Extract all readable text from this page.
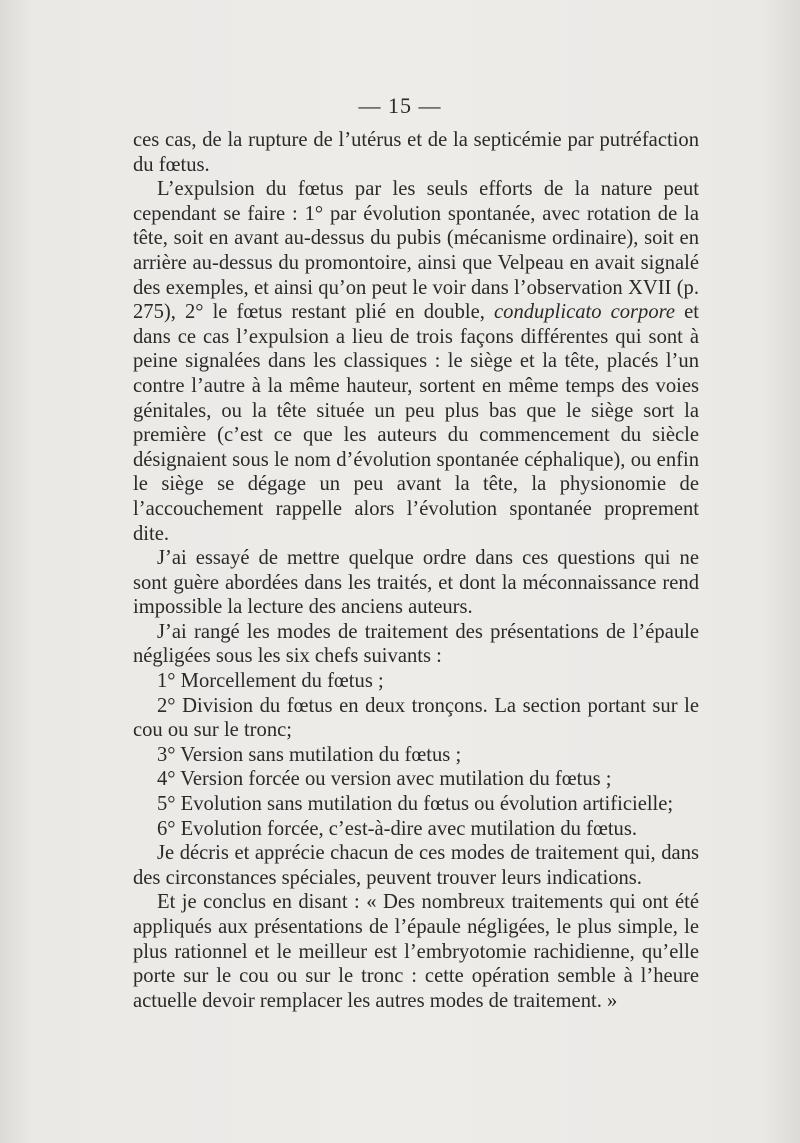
— 15 —

ces cas, de la rupture de l’utérus et de la septicémie par putréfaction du fœtus.

L’expulsion du fœtus par les seuls efforts de la nature peut cependant se faire : 1° par évolution spontanée, avec rotation de la tête, soit en avant au-dessus du pubis (mécanisme ordinaire), soit en arrière au-dessus du promontoire, ainsi que Velpeau en avait signalé des exemples, et ainsi qu’on peut le voir dans l’observation XVII (p. 275), 2° le fœtus restant plié en double, conduplicato corpore et dans ce cas l’expulsion a lieu de trois façons différentes qui sont à peine signalées dans les classiques : le siège et la tête, placés l’un contre l’autre à la même hauteur, sortent en même temps des voies génitales, ou la tête située un peu plus bas que le siège sort la première (c’est ce que les auteurs du commencement du siècle désignaient sous le nom d’évolution spontanée céphalique), ou enfin le siège se dégage un peu avant la tête, la physionomie de l’accouchement rappelle alors l’évolution spontanée proprement dite.

J’ai essayé de mettre quelque ordre dans ces questions qui ne sont guère abordées dans les traités, et dont la méconnaissance rend impossible la lecture des anciens auteurs.

J’ai rangé les modes de traitement des présentations de l’épaule négligées sous les six chefs suivants :

1° Morcellement du fœtus ;

2° Division du fœtus en deux tronçons. La section portant sur le cou ou sur le tronc;

3° Version sans mutilation du fœtus ;

4° Version forcée ou version avec mutilation du fœtus ;

5° Evolution sans mutilation du fœtus ou évolution artificielle;

6° Evolution forcée, c’est-à-dire avec mutilation du fœtus.

Je décris et apprécie chacun de ces modes de traitement qui, dans des circonstances spéciales, peuvent trouver leurs indications.

Et je conclus en disant : « Des nombreux traitements qui ont été appliqués aux présentations de l’épaule négligées, le plus simple, le plus rationnel et le meilleur est l’embryotomie rachidienne, qu’elle porte sur le cou ou sur le tronc : cette opération semble à l’heure actuelle devoir remplacer les autres modes de traitement. »
